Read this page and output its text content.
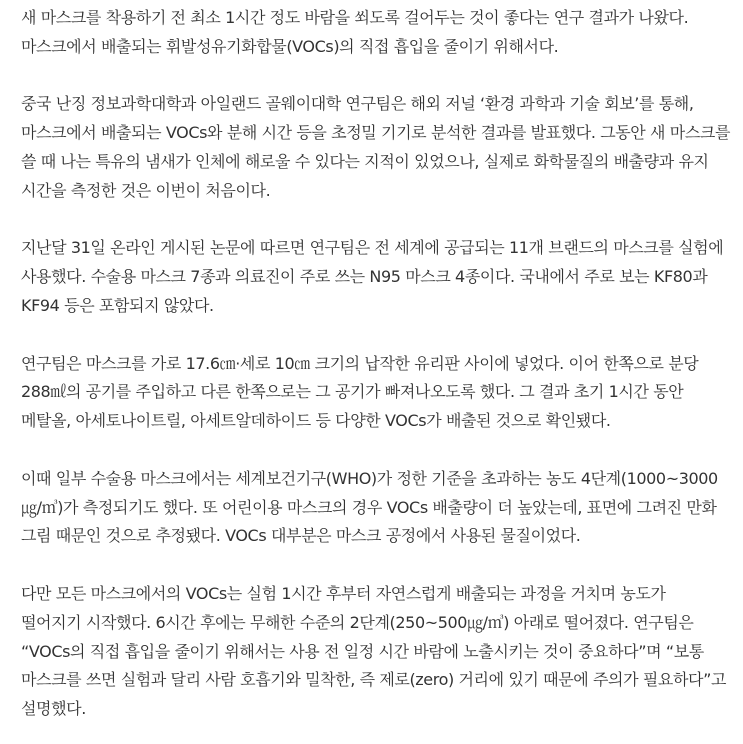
새 마스크를 착용하기 전 최소 1시간 정도 바람을 쐬도록 걸어두는 것이 좋다는 연구 결과가 나왔다. 마스크에서 배출되는 휘발성유기화합물(VOCs)의 직접 흡입을 줄이기 위해서다.

중국 난징 정보과학대학과 아일랜드 골웨이대학 연구팀은 해외 저널 ‘환경 과학과 기술 회보’를 통해, 마스크에서 배출되는 VOCs와 분해 시간 등을 초정밀 기기로 분석한 결과를 발표했다. 그동안 새 마스크를 쓸 때 나는 특유의 냄새가 인체에 해로울 수 있다는 지적이 있었으나, 실제로 화학물질의 배출량과 유지 시간을 측정한 것은 이번이 처음이다.

지난달 31일 온라인 게시된 논문에 따르면 연구팀은 전 세계에 공급되는 11개 브랜드의 마스크를 실험에 사용했다. 수술용 마스크 7종과 의료진이 주로 쓰는 N95 마스크 4종이다. 국내에서 주로 보는 KF80과 KF94 등은 포함되지 않았다.

연구팀은 마스크를 가로 17.6㎝·세로 10㎝ 크기의 납작한 유리판 사이에 넣었다. 이어 한쪽으로 분당 288㎖의 공기를 주입하고 다른 한쪽으로는 그 공기가 빠져나오도록 했다. 그 결과 초기 1시간 동안 메탈올, 아세토나이트릴, 아세트알데하이드 등 다양한 VOCs가 배출된 것으로 확인됐다.

이때 일부 수술용 마스크에서는 세계보건기구(WHO)가 정한 기준을 초과하는 농도 4단계(1000~3000㎍/㎥)가 측정되기도 했다. 또 어린이용 마스크의 경우 VOCs 배출량이 더 높았는데, 표면에 그려진 만화 그림 때문인 것으로 추정됐다. VOCs 대부분은 마스크 공정에서 사용된 물질이었다.

다만 모든 마스크에서의 VOCs는 실험 1시간 후부터 자연스럽게 배출되는 과정을 거치며 농도가 떨어지기 시작했다. 6시간 후에는 무해한 수준의 2단계(250~500㎍/㎥) 아래로 떨어졌다. 연구팀은 “VOCs의 직접 흡입을 줄이기 위해서는 사용 전 일정 시간 바람에 노출시키는 것이 중요하다”며 “보통 마스크를 쓰면 실험과 달리 사람 호흡기와 밀착한, 즉 제로(zero) 거리에 있기 때문에 주의가 필요하다”고 설명했다.
